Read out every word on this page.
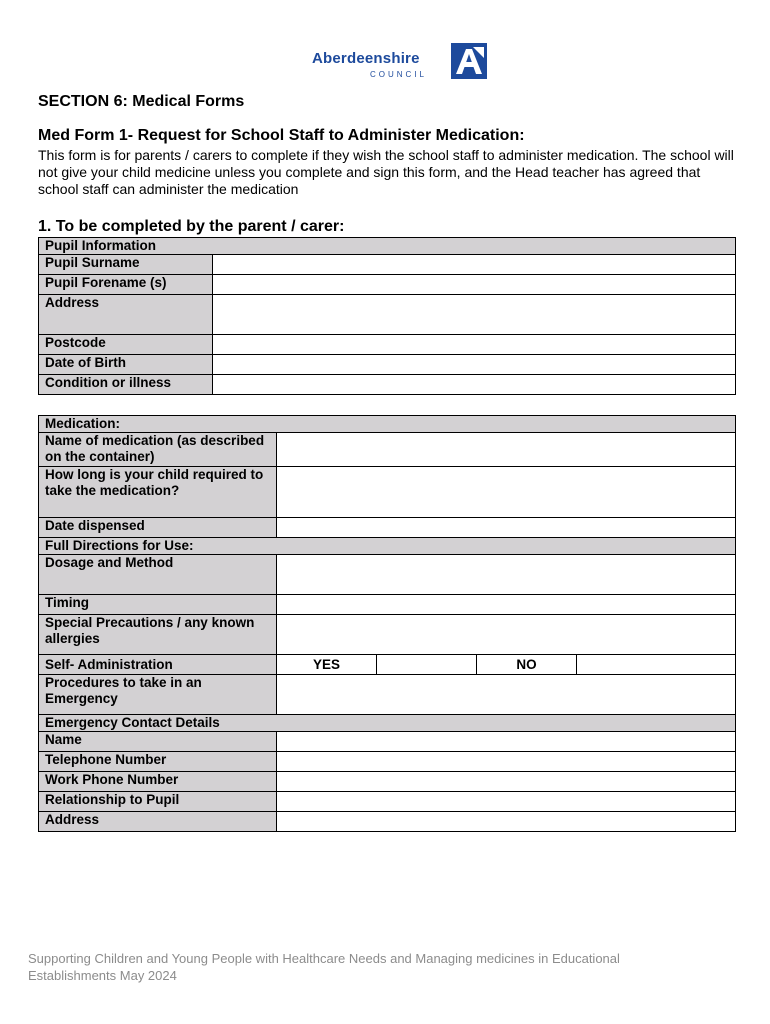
Aberdeenshire
COUNCIL
SECTION 6: Medical Forms
Med Form 1- Request for School Staff to Administer Medication:
This form is for parents / carers to complete if they wish the school staff to administer medication. The school will not give your child medicine unless you complete and sign this form, and the Head teacher has agreed that school staff can administer the medication
1. To be completed by the parent / carer:
Pupil Information	
Pupil Surname	
Pupil Forename (s)	
Address	
Postcode	
Date of Birth	
Condition or illness	
Medication:				
Name of medication (as described on the container)				
How long is your child required to take the medication?				
Date dispensed				
Full Directions for Use:				
Dosage and Method				
Timing				
Special Precautions / any known allergies				
Self- Administration	YES		NO	
Procedures to take in an Emergency				
Emergency Contact Details				
Name				
Telephone Number				
Work Phone Number				
Relationship to Pupil				
Address				
Supporting Children and Young People with Healthcare Needs and Managing medicines in Educational Establishments May 2024
